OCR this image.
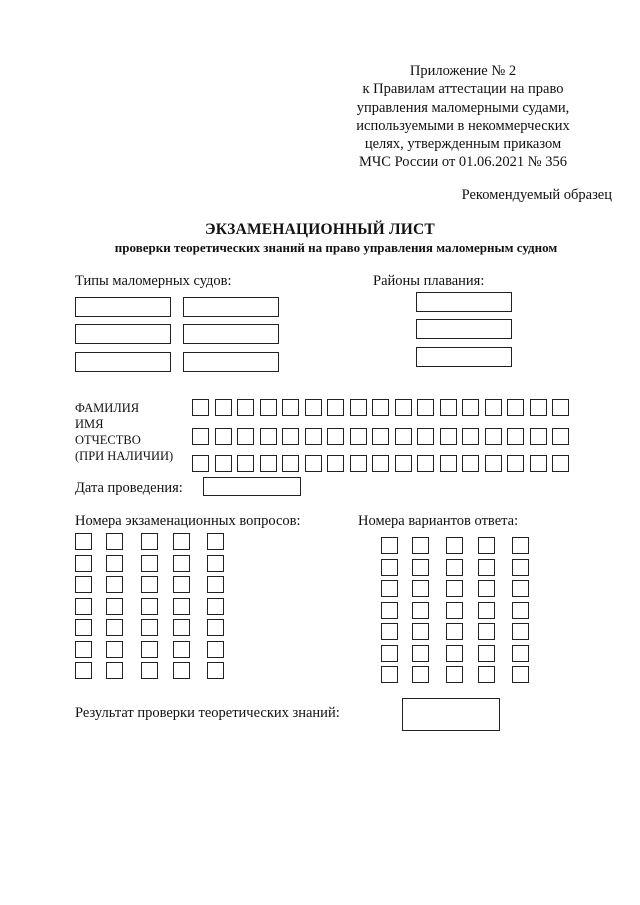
Приложение № 2
к Правилам аттестации на право
управления маломерными судами,
используемыми в некоммерческих
целях, утвержденным приказом
МЧС России от 01.06.2021 № 356
Рекомендуемый образец
ЭКЗАМЕНАЦИОННЫЙ ЛИСТ
проверки теоретических знаний на право управления маломерным судном
Типы маломерных судов:	Районы плавания:
ФАМИЛИЯ
ИМЯ
ОТЧЕСТВО
(ПРИ НАЛИЧИИ)
Дата проведения:
Номера экзаменационных вопросов:	Номера вариантов ответа:
Результат проверки теоретических знаний:
